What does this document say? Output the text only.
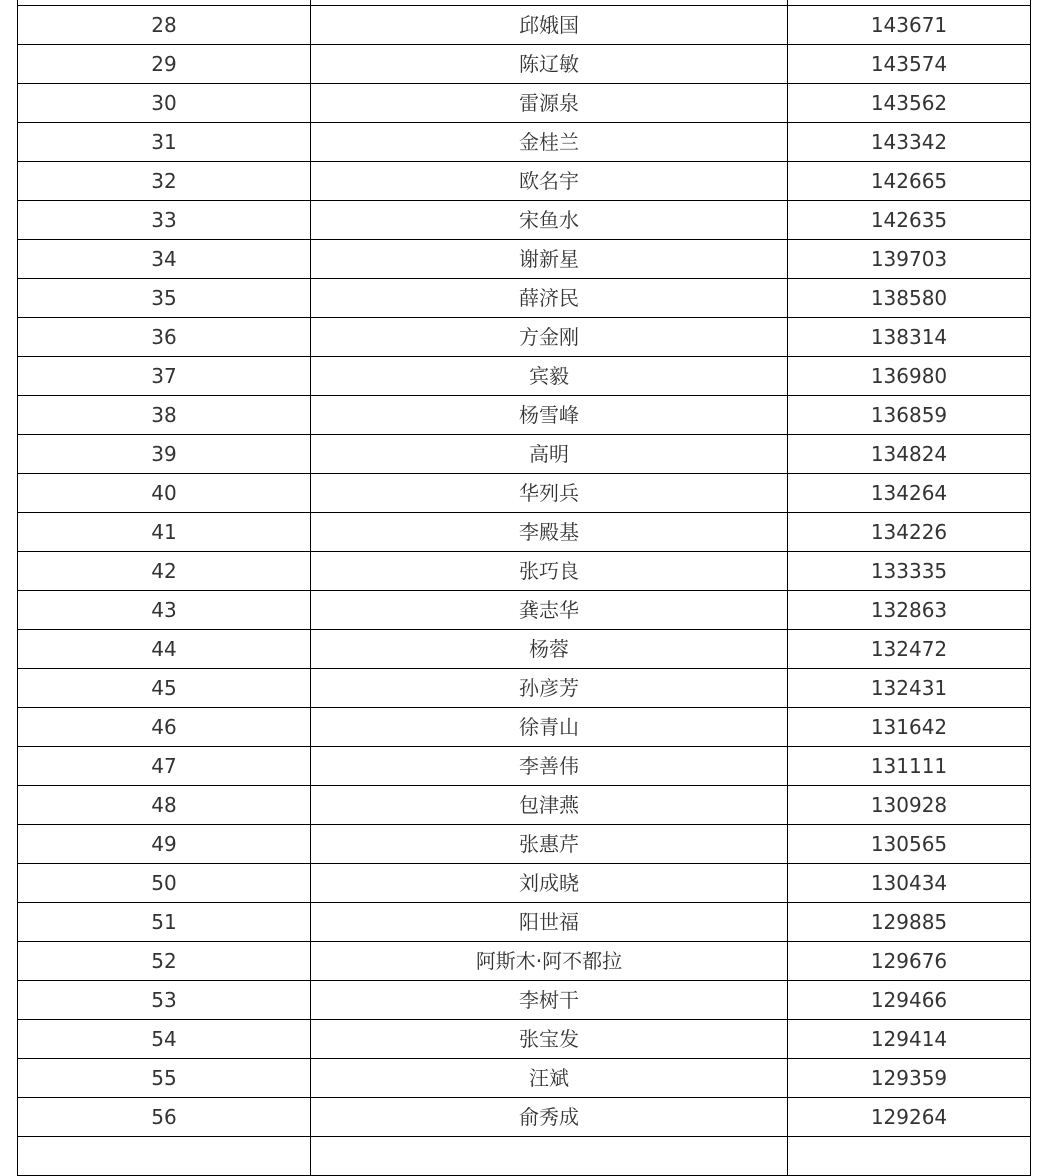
28	邱娥国	143671
29	陈辽敏	143574
30	雷源泉	143562
31	金桂兰	143342
32	欧名宇	142665
33	宋鱼水	142635
34	谢新星	139703
35	薛济民	138580
36	方金刚	138314
37	宾毅	136980
38	杨雪峰	136859
39	高明	134824
40	华列兵	134264
41	李殿基	134226
42	张巧良	133335
43	龚志华	132863
44	杨蓉	132472
45	孙彦芳	132431
46	徐青山	131642
47	李善伟	131111
48	包津燕	130928
49	张惠芹	130565
50	刘成晓	130434
51	阳世福	129885
52	阿斯木·阿不都拉	129676
53	李树干	129466
54	张宝发	129414
55	汪斌	129359
56	俞秀成	129264
